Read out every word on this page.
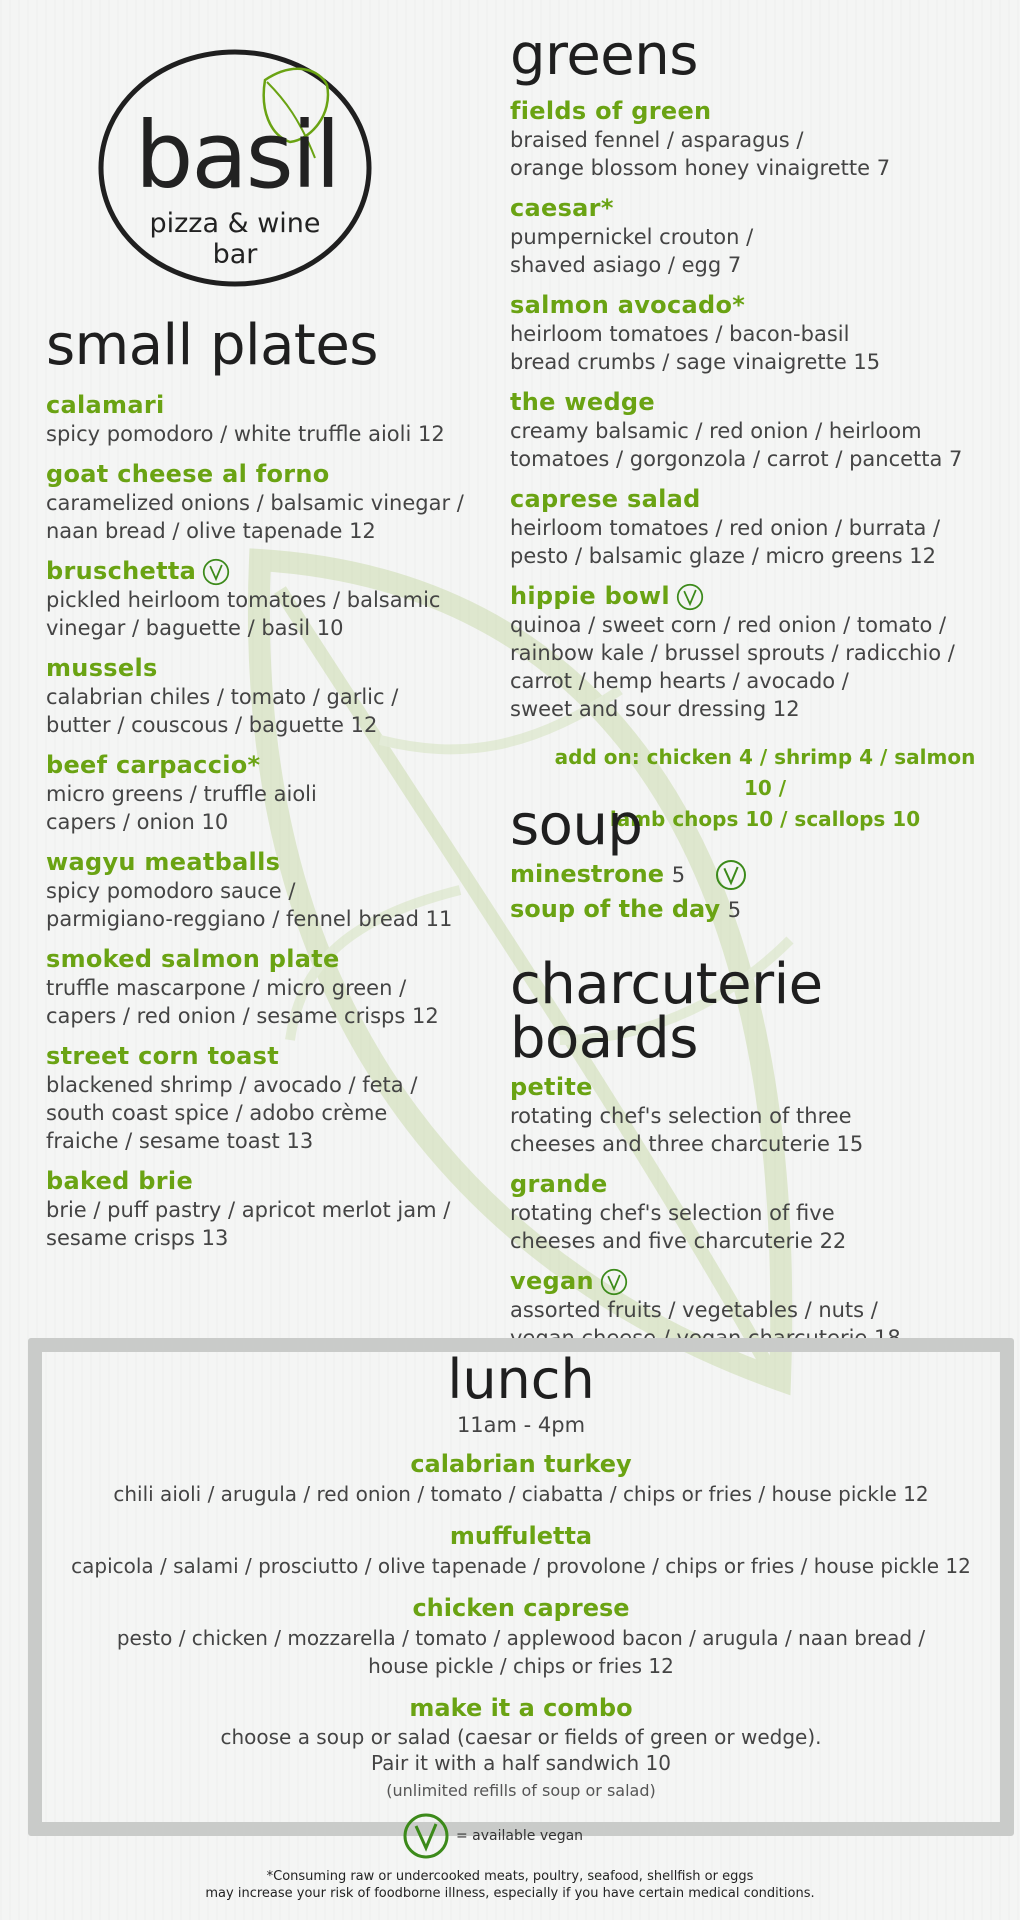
basil
pizza & wine bar
small plates
calamari
spicy pomodoro / white truffle aioli 12
goat cheese al forno
caramelized onions / balsamic vinegar /
naan bread / olive tapenade 12
bruschetta
pickled heirloom tomatoes / balsamic
vinegar / baguette / basil 10
mussels
calabrian chiles / tomato / garlic /
butter / couscous / baguette 12
beef carpaccio*
micro greens / truffle aioli
capers / onion 10
wagyu meatballs
spicy pomodoro sauce /
parmigiano-reggiano / fennel bread 11
smoked salmon plate
truffle mascarpone / micro green /
capers / red onion / sesame crisps 12
street corn toast
blackened shrimp / avocado / feta /
south coast spice / adobo crème
fraiche / sesame toast 13
baked brie
brie / puff pastry / apricot merlot jam /
sesame crisps 13
greens
fields of green
braised fennel / asparagus /
orange blossom honey vinaigrette 7
caesar*
pumpernickel crouton /
shaved asiago / egg 7
salmon avocado*
heirloom tomatoes / bacon-basil
bread crumbs / sage vinaigrette 15
the wedge
creamy balsamic / red onion / heirloom
tomatoes / gorgonzola / carrot / pancetta 7
caprese salad
heirloom tomatoes / red onion / burrata /
pesto / balsamic glaze / micro greens 12
hippie bowl
quinoa / sweet corn / red onion / tomato /
rainbow kale / brussel sprouts / radicchio /
carrot / hemp hearts / avocado /
sweet and sour dressing 12
add on: chicken 4 / shrimp 4 / salmon 10 /
lamb chops 10 / scallops 10
soup
minestrone 5
soup of the day 5
charcuterie
boards
petite
rotating chef's selection of three
cheeses and three charcuterie 15
grande
rotating chef's selection of five
cheeses and five charcuterie 22
vegan
assorted fruits / vegetables / nuts /
vegan cheese / vegan charcuterie 18
lunch
11am - 4pm
calabrian turkey
chili aioli / arugula / red onion / tomato / ciabatta / chips or fries / house pickle 12
muffuletta
capicola / salami / prosciutto / olive tapenade / provolone / chips or fries / house pickle 12
chicken caprese
pesto / chicken / mozzarella / tomato / applewood bacon / arugula / naan bread /
house pickle / chips or fries 12
make it a combo
choose a soup or salad (caesar or fields of green or wedge).
Pair it with a half sandwich 10
(unlimited refills of soup or salad)
= available vegan
*Consuming raw or undercooked meats, poultry, seafood, shellfish or eggs
may increase your risk of foodborne illness, especially if you have certain medical conditions.
